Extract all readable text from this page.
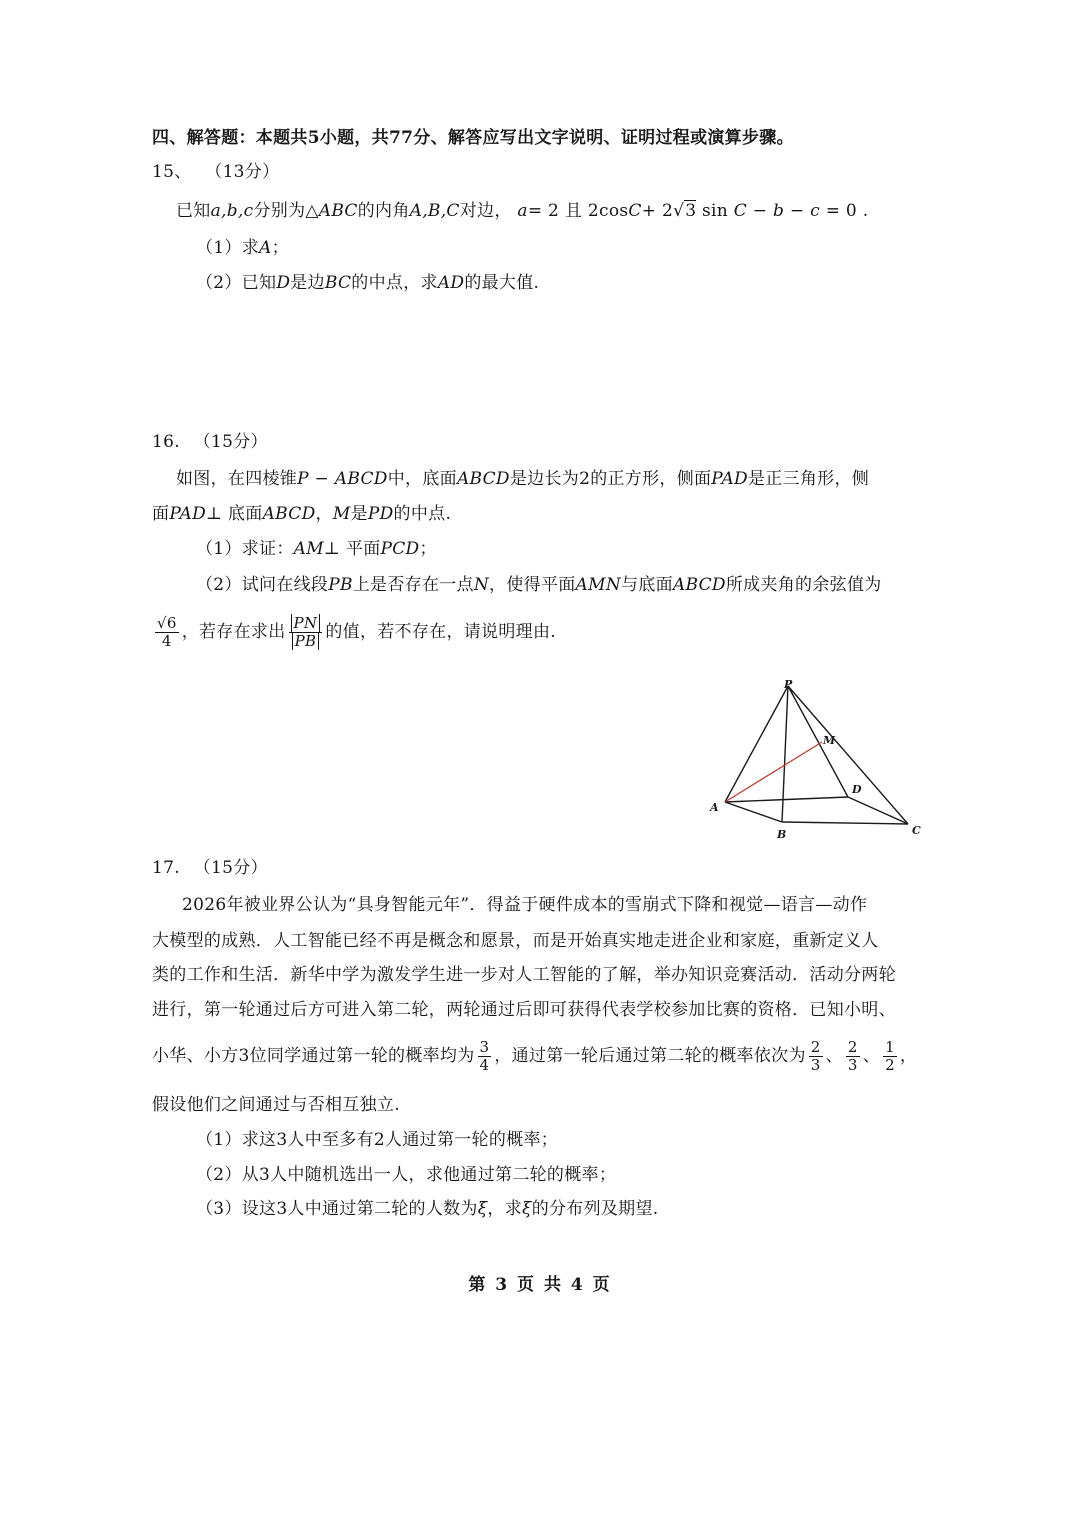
四、解答题：本题共5小题，共77分、解答应写出文字说明、证明过程或演算步骤。
15、 （13分）
已知a,b,c分别为△ABC的内角A,B,C对边， a= 2 且 2cosC+ 2√3 sin C − b − c = 0 .
（1）求A；
（2）已知D是边BC的中点，求AD的最大值.
16. （15分）
如图，在四棱锥P − ABCD中，底面ABCD是边长为2的正方形，侧面PAD是正三角形，侧
面PAD⊥ 底面ABCD，M是PD的中点.
（1）求证：AM⊥ 平面PCD；
（2）试问在线段PB上是否存在一点N，使得平面AMN与底面ABCD所成夹角的余弦值为
$\frac{√6}{4}$ ，若存在求出 $\frac{PN}{PB}$ 的值，若不存在，请说明理由.
P
M
A
D
B	C
17. （15分）
2026年被业界公认为“具身智能元年”．得益于硬件成本的雪崩式下降和视觉—语言—动作
大模型的成熟．人工智能已经不再是概念和愿景，而是开始真实地走进企业和家庭，重新定义人
类的工作和生活．新华中学为激发学生进一步对人工智能的了解，举办知识竞赛活动．活动分两轮
进行，第一轮通过后方可进入第二轮，两轮通过后即可获得代表学校参加比赛的资格．已知小明、
小华、小方3位同学通过第一轮的概率均为 $\frac{3}{4}$ ，通过第一轮后通过第二轮的概率依次为 $\frac{2}{3}$ 、 $\frac{2}{3}$ 、 $\frac{1}{2}$ ，
假设他们之间通过与否相互独立.
（1）求这3人中至多有2人通过第一轮的概率；
（2）从3人中随机选出一人，求他通过第二轮的概率；
（3）设这3人中通过第二轮的人数为ξ，求ξ的分布列及期望.
第 3 页 共 4 页
